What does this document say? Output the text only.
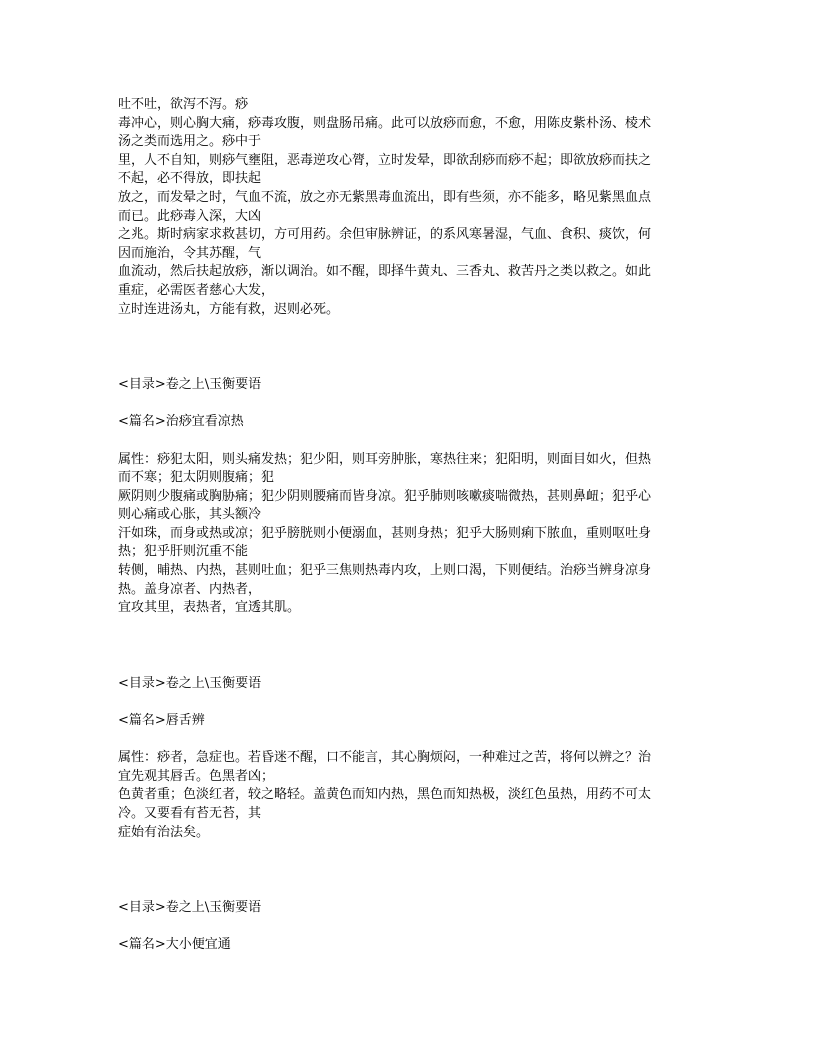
吐不吐，欲泻不泻。痧
毒冲心，则心胸大痛，痧毒攻腹，则盘肠吊痛。此可以放痧而愈，不愈，用陈皮紫朴汤、棱术
汤之类而选用之。痧中于
里，人不自知，则痧气壅阻，恶毒逆攻心膂，立时发晕，即欲刮痧而痧不起；即欲放痧而扶之
不起，必不得放，即扶起
放之，而发晕之时，气血不流，放之亦无紫黑毒血流出，即有些须，亦不能多，略见紫黑血点
而已。此痧毒入深，大凶
之兆。斯时病家求救甚切，方可用药。余但审脉辨证，的系风寒暑湿，气血、食积、痰饮，何
因而施治，令其苏醒，气
血流动，然后扶起放痧，渐以调治。如不醒，即择牛黄丸、三香丸、救苦丹之类以救之。如此
重症，必需医者慈心大发，
立时连进汤丸，方能有救，迟则必死。
<目录>卷之上\玉衡要语
<篇名>治痧宜看凉热
属性：痧犯太阳，则头痛发热；犯少阳，则耳旁肿胀，寒热往来；犯阳明，则面目如火，但热
而不寒；犯太阴则腹痛；犯
厥阴则少腹痛或胸胁痛；犯少阴则腰痛而皆身凉。犯乎肺则咳嗽痰喘微热，甚则鼻衄；犯乎心
则心痛或心胀，其头额冷
汗如珠，而身或热或凉；犯乎膀胱则小便溺血，甚则身热；犯乎大肠则痢下脓血，重则呕吐身
热；犯乎肝则沉重不能
转侧，晡热、内热，甚则吐血；犯乎三焦则热毒内攻，上则口渴，下则便结。治痧当辨身凉身
热。盖身凉者、内热者，
宜攻其里，表热者，宜透其肌。
<目录>卷之上\玉衡要语
<篇名>唇舌辨
属性：痧者，急症也。若昏迷不醒，口不能言，其心胸烦闷，一种难过之苦，将何以辨之？治
宜先观其唇舌。色黑者凶；
色黄者重；色淡红者，较之略轻。盖黄色而知内热，黑色而知热极，淡红色虽热，用药不可太
冷。又要看有苔无苔，其
症始有治法矣。
<目录>卷之上\玉衡要语
<篇名>大小便宜通
